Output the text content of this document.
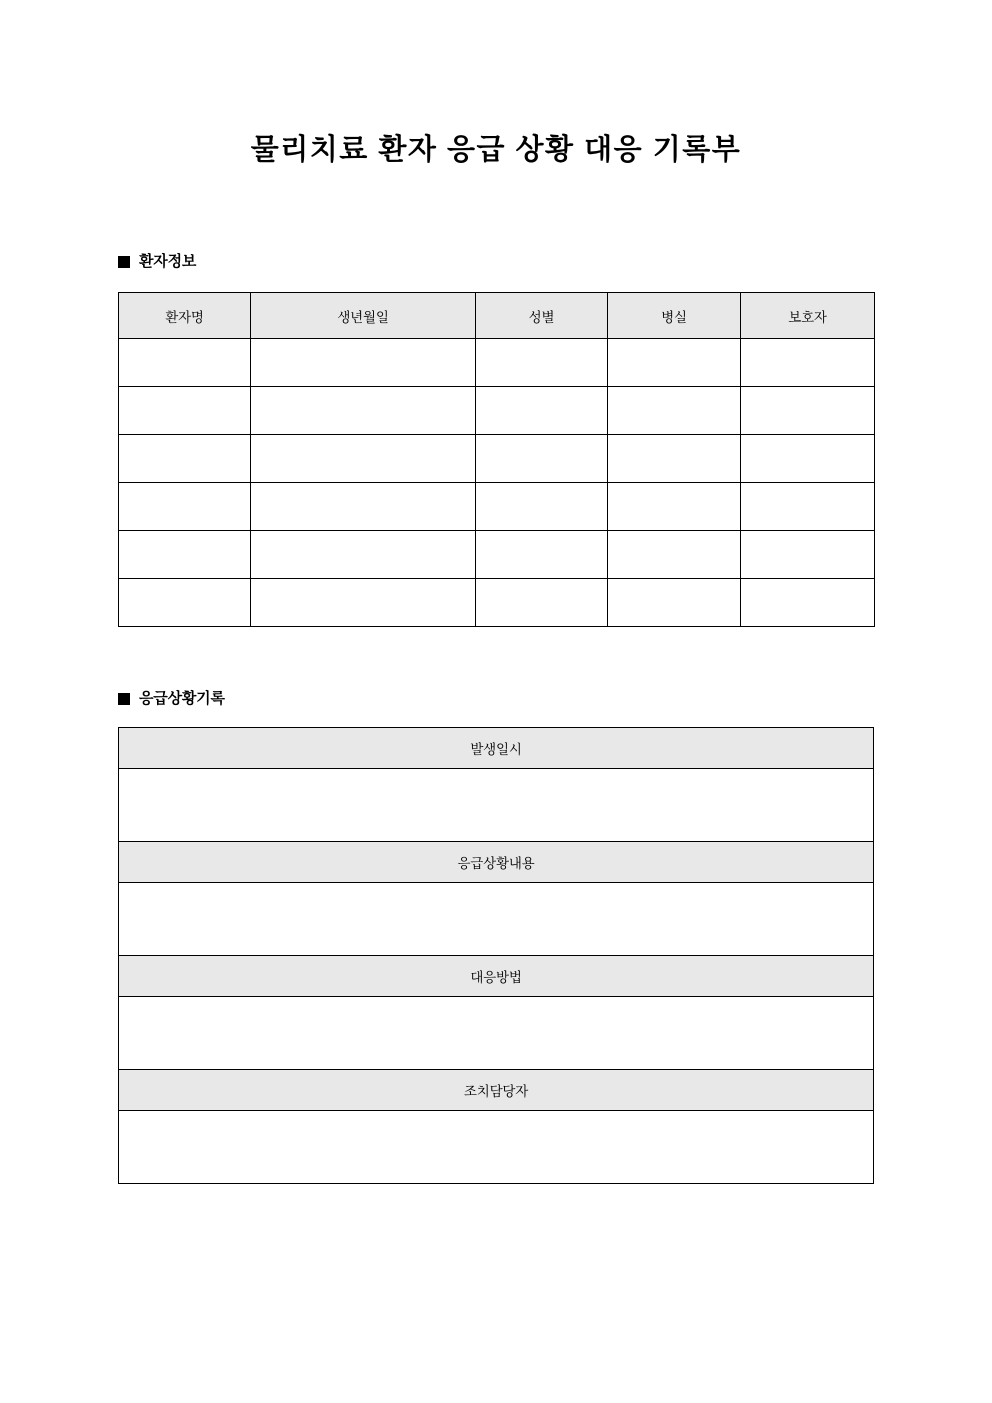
물리치료 환자 응급 상황 대응 기록부
환자정보
환자명	생년월일	성별	병실	보호자

응급상황기록
발생일시

응급상황내용

대응방법

조치담당자
